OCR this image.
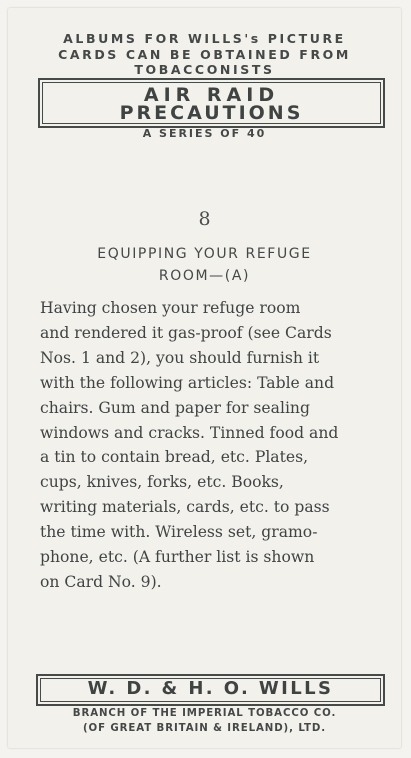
ALBUMS FOR WILLS's PICTURE
CARDS CAN BE OBTAINED FROM
TOBACCONISTS
AIR RAID
PRECAUTIONS
A SERIES OF 40
8
EQUIPPING YOUR REFUGE
ROOM—(A)
Having chosen your refuge room
and rendered it gas-proof (see Cards
Nos. 1 and 2), you should furnish it
with the following articles: Table and
chairs. Gum and paper for sealing
windows and cracks. Tinned food and
a tin to contain bread, etc. Plates,
cups, knives, forks, etc. Books,
writing materials, cards, etc. to pass
the time with. Wireless set, gramo-
phone, etc. (A further list is shown
on Card No. 9).
W. D. & H. O. WILLS
BRANCH OF THE IMPERIAL TOBACCO CO.
(OF GREAT BRITAIN & IRELAND), LTD.
